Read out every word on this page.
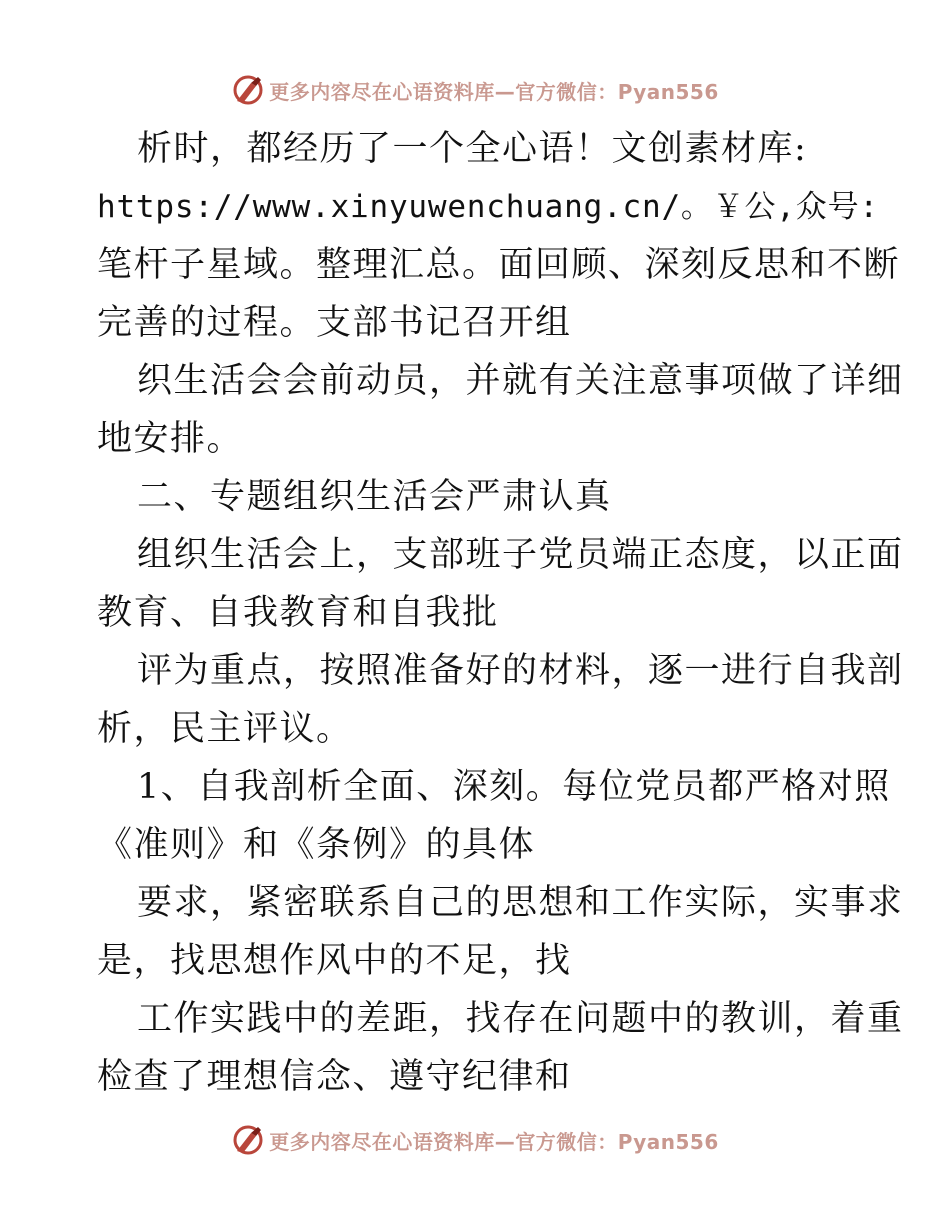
更多内容尽在心语资料库—官方微信：Pyan556
析时，都经历了一个全心语！文创素材库:
https://www.xinyuwenchuang.cn/。￥公,众号:
笔杆子星域。整理汇总。面回顾、深刻反思和不断
完善的过程。支部书记召开组
织生活会会前动员，并就有关注意事项做了详细
地安排。
二、专题组织生活会严肃认真
组织生活会上，支部班子党员端正态度，以正面
教育、自我教育和自我批
评为重点，按照准备好的材料，逐一进行自我剖
析，民主评议。
1、自我剖析全面、深刻。每位党员都严格对照
《准则》和《条例》的具体
要求，紧密联系自己的思想和工作实际，实事求
是，找思想作风中的不足，找
工作实践中的差距，找存在问题中的教训，着重
检查了理想信念、遵守纪律和
更多内容尽在心语资料库—官方微信：Pyan556
